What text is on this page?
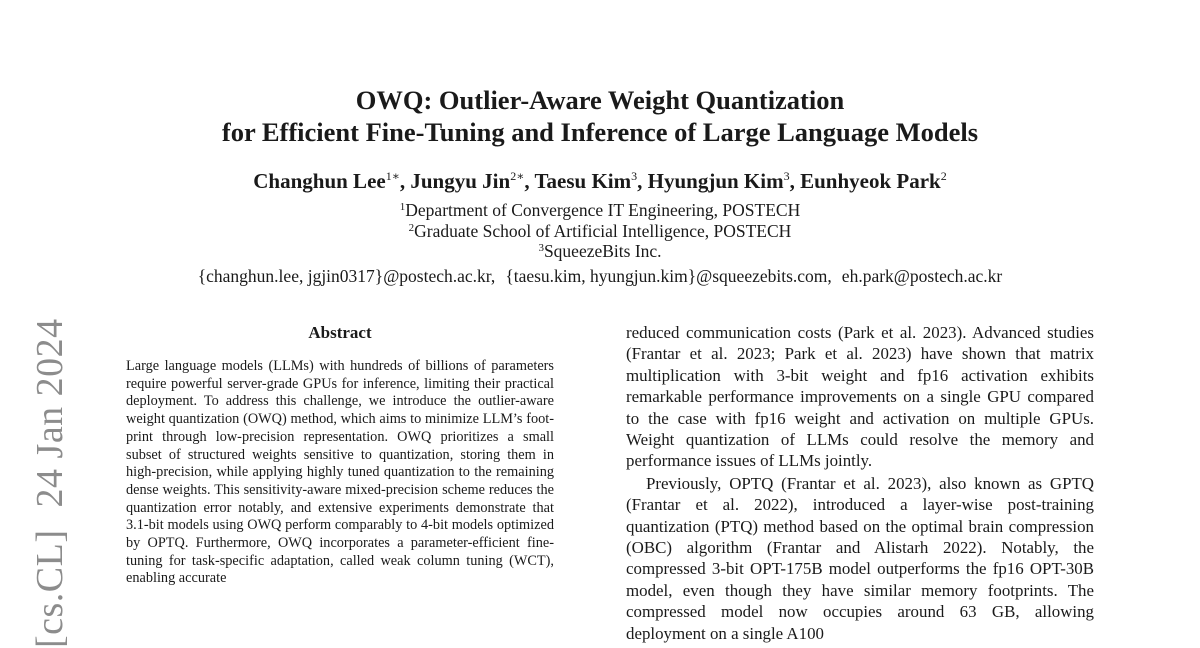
[cs.CL]24 Jan 2024
OWQ: Outlier-Aware Weight Quantization
for Efficient Fine-Tuning and Inference of Large Language Models
Changhun Lee$^{1∗}$, Jungyu Jin$^{2∗}$, Taesu Kim$^3$, Hyungjun Kim$^3$, Eunhyeok Park$^2$
$^1$Department of Convergence IT Engineering, POSTECH
$^2$Graduate School of Artificial Intelligence, POSTECH
$^3$SqueezeBits Inc.
{changhun.lee, jgjin0317}@postech.ac.kr, {taesu.kim, hyungjun.kim}@squeezebits.com, eh.park@postech.ac.kr
Abstract

Large language models (LLMs) with hundreds of billions of parameters require powerful server-grade GPUs for inference, limiting their practical deployment. To address this challenge, we introduce the outlier-aware weight quantization (OWQ) method, which aims to minimize LLM’s footprint through low-precision representation. OWQ prioritizes a small subset of structured weights sensitive to quantization, storing them in high-precision, while applying highly tuned quantization to the remaining dense weights. This sensitivity-aware mixed-precision scheme reduces the quantization error notably, and extensive experiments demonstrate that 3.1-bit models using OWQ perform comparably to 4-bit models optimized by OPTQ. Furthermore, OWQ incorporates a parameter-efficient fine-tuning for task-specific adaptation, called weak column tuning (WCT), enabling accurate

reduced communication costs (Park et al. 2023). Advanced studies (Frantar et al. 2023; Park et al. 2023) have shown that matrix multiplication with 3-bit weight and fp16 activation exhibits remarkable performance improvements on a single GPU compared to the case with fp16 weight and activation on multiple GPUs. Weight quantization of LLMs could resolve the memory and performance issues of LLMs jointly.

Previously, OPTQ (Frantar et al. 2023), also known as GPTQ (Frantar et al. 2022), introduced a layer-wise post-training quantization (PTQ) method based on the optimal brain compression (OBC) algorithm (Frantar and Alistarh 2022). Notably, the compressed 3-bit OPT-175B model outperforms the fp16 OPT-30B model, even though they have similar memory footprints. The compressed model now occupies around 63 GB, allowing deployment on a single A100
